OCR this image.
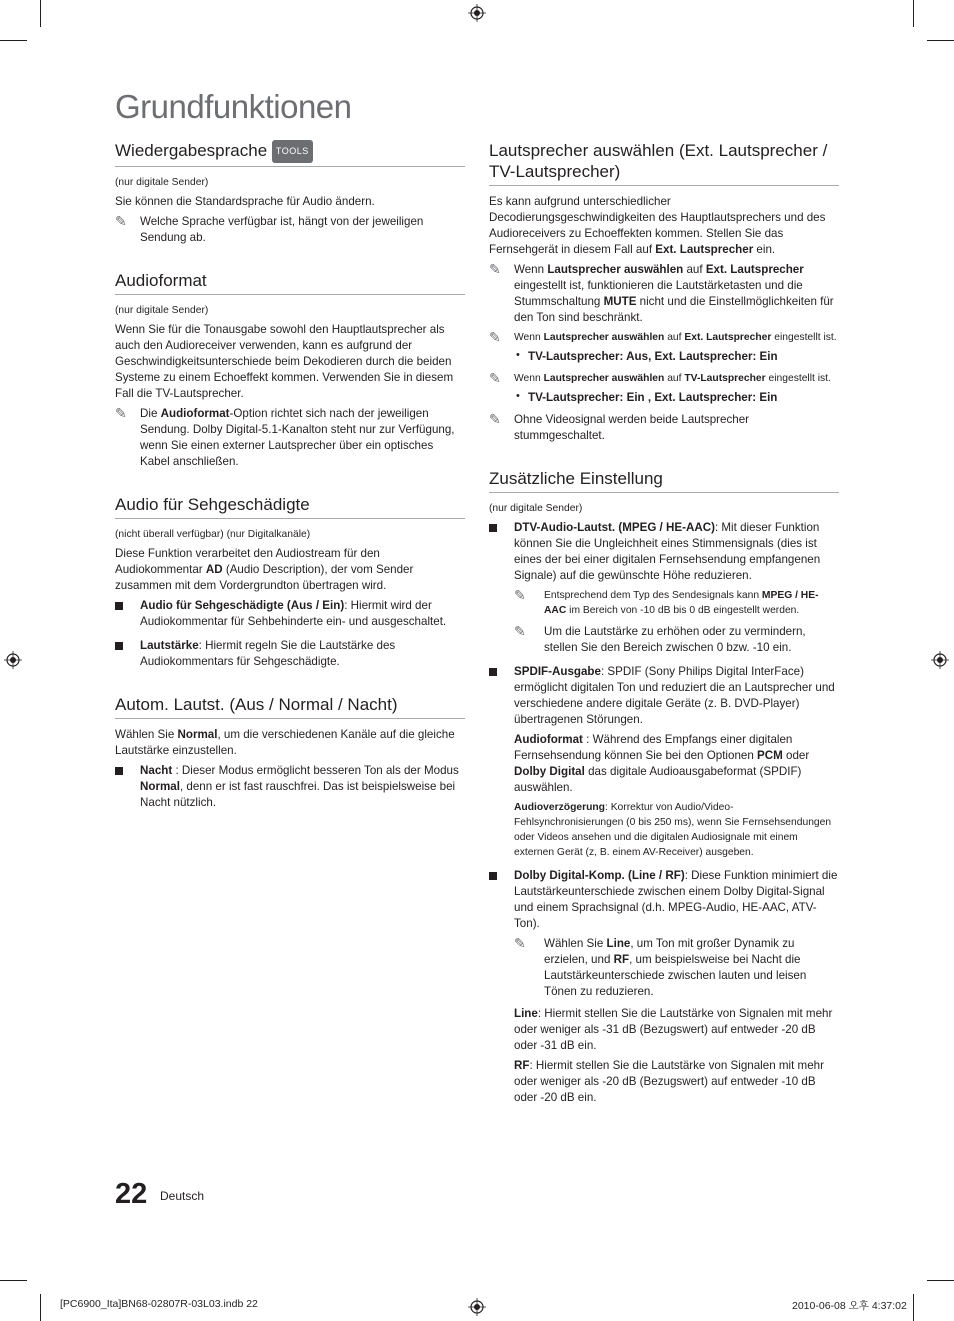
Grundfunktionen
Wiedergabesprache TOOLS

(nur digitale Sender)

Sie können die Standardsprache für Audio ändern.

✎ Welche Sprache verfügbar ist, hängt von der jeweiligen Sendung ab.

Audioformat

(nur digitale Sender)

Wenn Sie für die Tonausgabe sowohl den Hauptlautsprecher als auch den Audioreceiver verwenden, kann es aufgrund der Geschwindigkeitsunterschiede beim Dekodieren durch die beiden Systeme zu einem Echoeffekt kommen. Verwenden Sie in diesem Fall die TV-Lautsprecher.

✎ Die Audioformat-Option richtet sich nach der jeweiligen Sendung. Dolby Digital-5.1-Kanalton steht nur zur Verfügung, wenn Sie einen externer Lautsprecher über ein optisches Kabel anschließen.

Audio für Sehgeschädigte

(nicht überall verfügbar) (nur Digitalkanäle)

Diese Funktion verarbeitet den Audiostream für den Audiokommentar AD (Audio Description), der vom Sender zusammen mit dem Vordergrundton übertragen wird.

Audio für Sehgeschädigte (Aus / Ein): Hiermit wird der Audiokommentar für Sehbehinderte ein- und ausgeschaltet.

Lautstärke: Hiermit regeln Sie die Lautstärke des Audiokommentars für Sehgeschädigte.

Autom. Lautst. (Aus / Normal / Nacht)

Wählen Sie Normal, um die verschiedenen Kanäle auf die gleiche Lautstärke einzustellen.

Nacht : Dieser Modus ermöglicht besseren Ton als der Modus Normal, denn er ist fast rauschfrei. Das ist beispielsweise bei Nacht nützlich.

Lautsprecher auswählen (Ext. Lautsprecher / TV-Lautsprecher)

Es kann aufgrund unterschiedlicher Decodierungsgeschwindigkeiten des Hauptlautsprechers und des Audioreceivers zu Echoeffekten kommen. Stellen Sie das Fernsehgerät in diesem Fall auf Ext. Lautsprecher ein.

✎ Wenn Lautsprecher auswählen auf Ext. Lautsprecher eingestellt ist, funktionieren die Lautstärketasten und die Stummschaltung MUTE nicht und die Einstellmöglichkeiten für den Ton sind beschränkt.

✎ Wenn Lautsprecher auswählen auf Ext. Lautsprecher eingestellt ist.

• TV-Lautsprecher: Aus, Ext. Lautsprecher: Ein

✎ Wenn Lautsprecher auswählen auf TV-Lautsprecher eingestellt ist.

• TV-Lautsprecher: Ein , Ext. Lautsprecher: Ein

✎ Ohne Videosignal werden beide Lautsprecher stummgeschaltet.

Zusätzliche Einstellung

(nur digitale Sender)

DTV-Audio-Lautst. (MPEG / HE-AAC): Mit dieser Funktion können Sie die Ungleichheit eines Stimmensignals (dies ist eines der bei einer digitalen Fernsehsendung empfangenen Signale) auf die gewünschte Höhe reduzieren.

✎ Entsprechend dem Typ des Sendesignals kann MPEG / HE-AAC im Bereich von -10 dB bis 0 dB eingestellt werden.

✎ Um die Lautstärke zu erhöhen oder zu vermindern, stellen Sie den Bereich zwischen 0 bzw. -10 ein.

SPDIF-Ausgabe: SPDIF (Sony Philips Digital InterFace) ermöglicht digitalen Ton und reduziert die an Lautsprecher und verschiedene andere digitale Geräte (z. B. DVD-Player) übertragenen Störungen.

Audioformat : Während des Empfangs einer digitalen Fernsehsendung können Sie bei den Optionen PCM oder Dolby Digital das digitale Audioausgabeformat (SPDIF) auswählen.

Audioverzögerung: Korrektur von Audio/Video-Fehlsynchronisierungen (0 bis 250 ms), wenn Sie Fernsehsendungen oder Videos ansehen und die digitalen Audiosignale mit einem externen Gerät (z, B. einem AV-Receiver) ausgeben.

Dolby Digital-Komp. (Line / RF): Diese Funktion minimiert die Lautstärkeunterschiede zwischen einem Dolby Digital-Signal und einem Sprachsignal (d.h. MPEG-Audio, HE-AAC, ATV-Ton).

✎ Wählen Sie Line, um Ton mit großer Dynamik zu erzielen, und RF, um beispielsweise bei Nacht die Lautstärkeunterschiede zwischen lauten und leisen Tönen zu reduzieren.

Line: Hiermit stellen Sie die Lautstärke von Signalen mit mehr oder weniger als -31 dB (Bezugswert) auf entweder -20 dB oder -31 dB ein.

RF: Hiermit stellen Sie die Lautstärke von Signalen mit mehr oder weniger als -20 dB (Bezugswert) auf entweder -10 dB oder -20 dB ein.

22 Deutsch
[PC6900_Ita]BN68-02807R-03L03.indb 22	2010-06-08 오후 4:37:02
